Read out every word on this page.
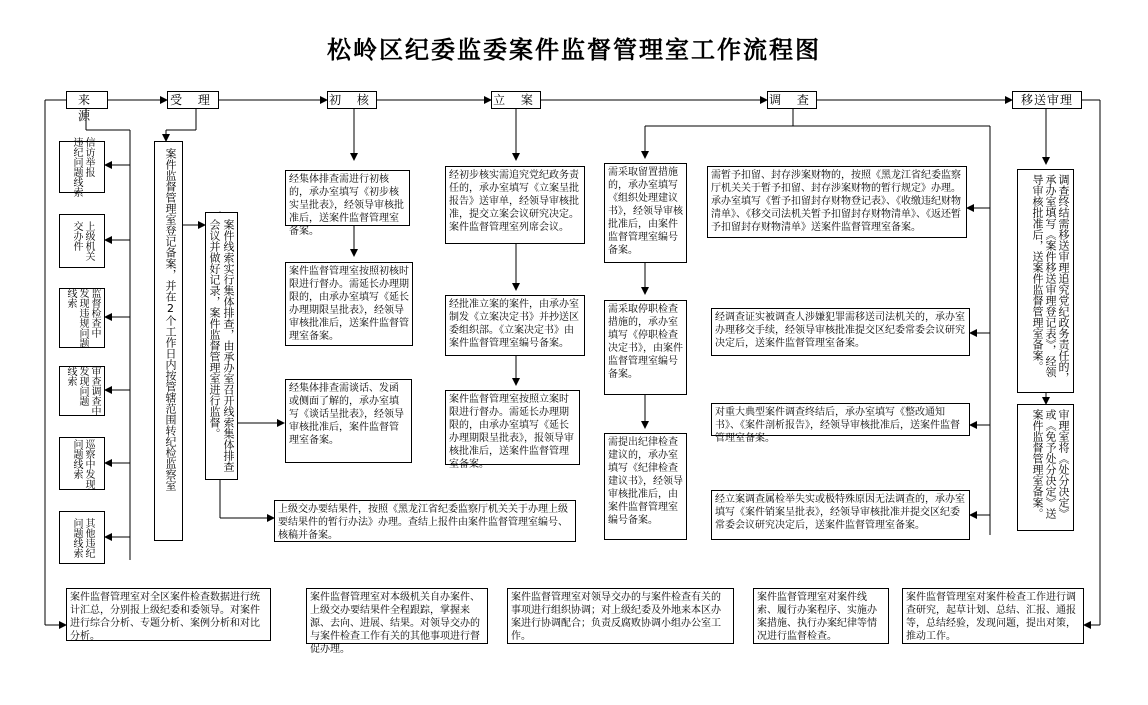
松岭区纪委监委案件监督管理室工作流程图
来 源
受 理	初 核	立 案	调 查	移送审理
信访举报
违纪问题线索
上级机关
交办件
监督检查中
发现违规问题
线索
审查调查中
发现问题
线索
巡察中发现
问题线索
其他违纪
问题线索
案件监督管理室登记备案，并在2个工作日内按管辖范围转纪检监察室	案件线索实行集体排查，由承办室召开线索集体排查会议并做好记录，案件监督管理室进行监督。
经集体排查需进行初核的，承办室填写《初步核实呈批表》，经领导审核批准后，送案件监督管理室备案。
案件监督管理室按照初核时限进行督办。需延长办理期限的，由承办室填写《延长办理期限呈批表》，经领导审核批准后，送案件监督管理室备案。
经集体排查需谈话、发函或侧面了解的，承办室填写《谈话呈批表》，经领导审核批准后，案件监督管理室备案。
上级交办要结果件，按照《黑龙江省纪委监察厅机关关于办理上级要结果件的暂行办法》办理。查结上报件由案件监督管理室编号、核稿并备案。
经初步核实需追究党纪政务责任的，承办室填写《立案呈批报告》送审单，经领导审核批准，提交立案会议研究决定。案件监督管理室列席会议。
经批准立案的案件，由承办室制发《立案决定书》并抄送区委组织部。《立案决定书》由案件监督管理室编号备案。
案件监督管理室按照立案时限进行督办。需延长办理期限的，由承办室填写《延长办理期限呈批表》，报领导审核批准后，送案件监督管理室备案。
需采取留置措施的，承办室填写《组织处理建议书》，经领导审核批准后，由案件监督管理室编号备案。
需采取停职检查措施的，承办室填写《停职检查决定书》，由案件监督管理室编号备案。
需提出纪律检查建议的，承办室填写《纪律检查建议书》，经领导审核批准后，由案件监督管理室编号备案。
需暂予扣留、封存涉案财物的，按照《黑龙江省纪委监察厅机关关于暂予扣留、封存涉案财物的暂行规定》办理。承办室填写《暂予扣留封存财物登记表》、《收缴违纪财物清单》、《移交司法机关暂予扣留封存财物清单》、《返还暂予扣留封存财物清单》送案件监督管理室备案。
经调查证实被调查人涉嫌犯罪需移送司法机关的，承办室办理移交手续，经领导审核批准提交区纪委常委会议研究决定后，送案件监督管理室备案。
对重大典型案件调查终结后，承办室填写《整改通知书》、《案件剖析报告》，经领导审核批准后，送案件监督管理室备案。
经立案调查属检举失实或极特殊原因无法调查的，承办室填写《案件销案呈批表》，经领导审核批准并提交区纪委常委会议研究决定后，送案件监督管理室备案。
调查终结需移送审理追究党纪政务责任的，承办室填写《案件移送审理登记表》，经领导审核批准后，送案件监督管理室备案。
审理室将《处分决定》或《免予处分决定》送案件监督管理室备案。
案件监督管理室对全区案件检查数据进行统计汇总，分别报上级纪委和委领导。对案件进行综合分析、专题分析、案例分析和对比分析。
案件监督管理室对本级机关自办案件、上级交办要结果件全程跟踪，掌握来源、去向、进展、结果。对领导交办的与案件检查工作有关的其他事项进行督促办理。
案件监督管理室对领导交办的与案件检查有关的事项进行组织协调；对上级纪委及外地来本区办案进行协调配合；负责反腐败协调小组办公室工作。
案件监督管理室对案件线索、履行办案程序、实施办案措施、执行办案纪律等情况进行监督检查。
案件监督管理室对案件检查工作进行调查研究，起草计划、总结、汇报、通报等，总结经验，发现问题，提出对策，推动工作。
